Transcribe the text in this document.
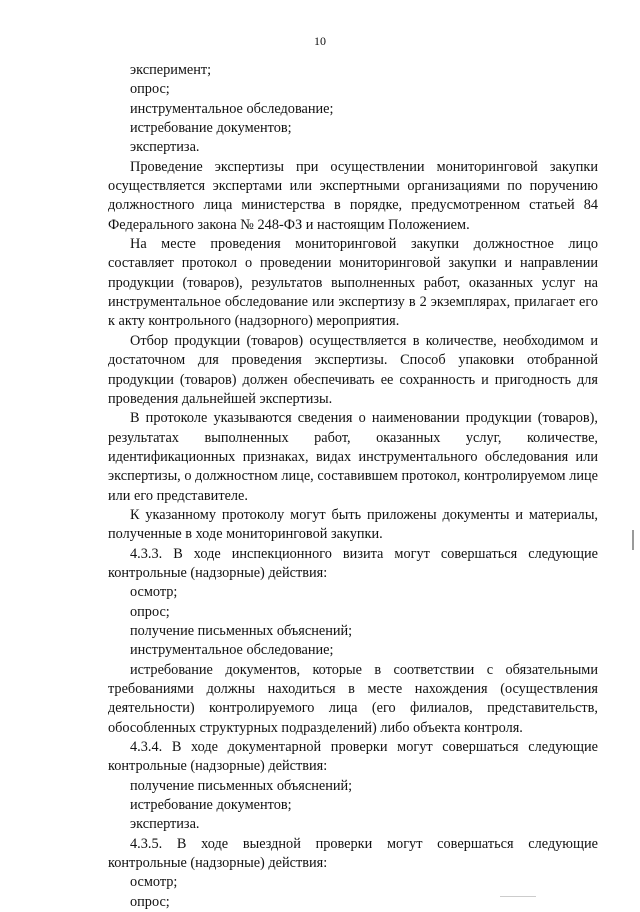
10

эксперимент;

опрос;

инструментальное обследование;

истребование документов;

экспертиза.

Проведение экспертизы при осуществлении мониторинговой закупки осуществляется экспертами или экспертными организациями по поручению должностного лица министерства в порядке, предусмотренном статьей 84 Федерального закона № 248-ФЗ и настоящим Положением.

На месте проведения мониторинговой закупки должностное лицо составляет протокол о проведении мониторинговой закупки и направлении продукции (товаров), результатов выполненных работ, оказанных услуг на инструментальное обследование или экспертизу в 2 экземплярах, прилагает его к акту контрольного (надзорного) мероприятия.

Отбор продукции (товаров) осуществляется в количестве, необходимом и достаточном для проведения экспертизы. Способ упаковки отобранной продукции (товаров) должен обеспечивать ее сохранность и пригодность для проведения дальнейшей экспертизы.

В протоколе указываются сведения о наименовании продукции (товаров), результатах выполненных работ, оказанных услуг, количестве, идентификационных признаках, видах инструментального обследования или экспертизы, о должностном лице, составившем протокол, контролируемом лице или его представителе.

К указанному протоколу могут быть приложены документы и материалы, полученные в ходе мониторинговой закупки.

4.3.3. В ходе инспекционного визита могут совершаться следующие контрольные (надзорные) действия:

осмотр;

опрос;

получение письменных объяснений;

инструментальное обследование;

истребование документов, которые в соответствии с обязательными требованиями должны находиться в месте нахождения (осуществления деятельности) контролируемого лица (его филиалов, представительств, обособленных структурных подразделений) либо объекта контроля.

4.3.4. В ходе документарной проверки могут совершаться следующие контрольные (надзорные) действия:

получение письменных объяснений;

истребование документов;

экспертиза.

4.3.5. В ходе выездной проверки могут совершаться следующие контрольные (надзорные) действия:

осмотр;

опрос;
